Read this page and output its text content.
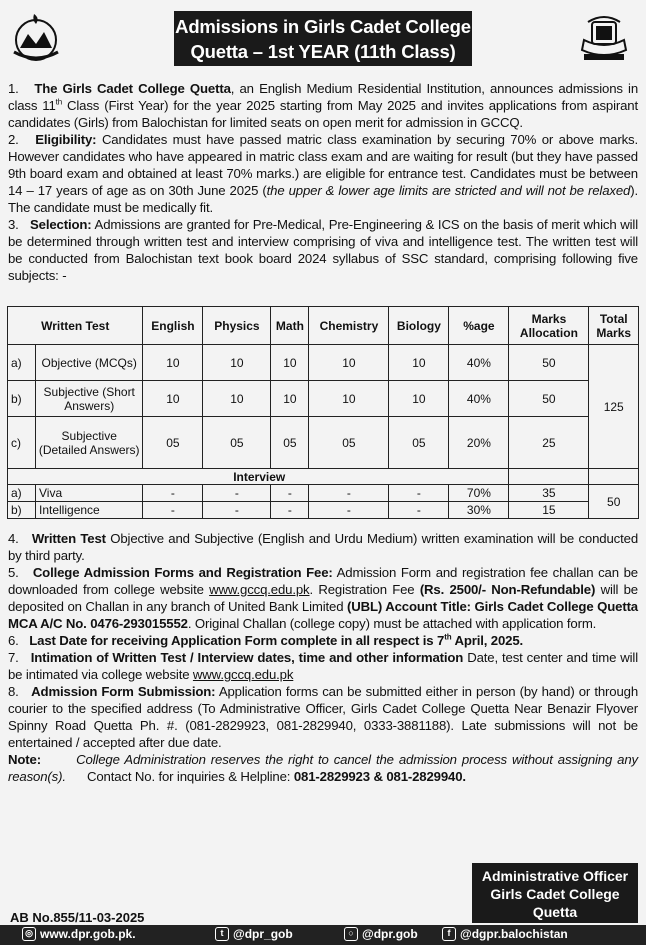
Admissions in Girls Cadet College
Quetta – 1st YEAR (11th Class)

1. The Girls Cadet College Quetta, an English Medium Residential Institution, announces admissions in class 11th Class (First Year) for the year 2025 starting from May 2025 and invites applications from aspirant candidates (Girls) from Balochistan for limited seats on open merit for admission in GCCQ.

2. Eligibility: Candidates must have passed matric class examination by securing 70% or above marks. However candidates who have appeared in matric class exam and are waiting for result (but they have passed 9th board exam and obtained at least 70% marks.) are eligible for entrance test. Candidates must be between 14 – 17 years of age as on 30th June 2025 (the upper & lower age limits are stricted and will not be relaxed). The candidate must be medically fit.

3. Selection: Admissions are granted for Pre-Medical, Pre-Engineering & ICS on the basis of merit which will be determined through written test and interview comprising of viva and intelligence test. The written test will be conducted from Balochistan text book board 2024 syllabus of SSC standard, comprising following five subjects: -

Written Test		English	Physics	Math	Chemistry	Biology	%age	Marks Allocation	Total Marks
a)	Objective (MCQs)	10	10	10	10	10	40%	50	125
b)	Subjective (Short Answers)	10	10	10	10	10	40%	50	
c)	Subjective (Detailed Answers)	05	05	05	05	05	20%	25	
Interview									
a)	Viva	-	-	-	-	-	70%	35	50
b)	Intelligence	-	-	-	-	-	30%	15	

4. Written Test Objective and Subjective (English and Urdu Medium) written examination will be conducted by third party.

5. College Admission Forms and Registration Fee: Admission Form and registration fee challan can be downloaded from college website www.gccq.edu.pk. Registration Fee (Rs. 2500/- Non-Refundable) will be deposited on Challan in any branch of United Bank Limited (UBL) Account Title: Girls Cadet College Quetta MCA A/C No. 0476-293015552. Original Challan (college copy) must be attached with application form.

6. Last Date for receiving Application Form complete in all respect is 7th April, 2025.

7. Intimation of Written Test / Interview dates, time and other information Date, test center and time will be intimated via college website www.gccq.edu.pk

8. Admission Form Submission: Application forms can be submitted either in person (by hand) or through courier to the specified address (To Administrative Officer, Girls Cadet College Quetta Near Benazir Flyover Spinny Road Quetta Ph. #. (081-2829923, 081-2829940, 0333-3881188). Late submissions will not be entertained / accepted after due date.

Note:	College Administration reserves the right to cancel the admission process without assigning any reason(s). Contact No. for inquiries & Helpline: 081-2829923 & 081-2829940.

Administrative Officer
Girls Cadet College
Quetta
AB No.855/11-03-2025
◎ www.dpr.gob.pk.	t @dpr_gob	○ @dpr.gob	f @dgpr.balochistan
